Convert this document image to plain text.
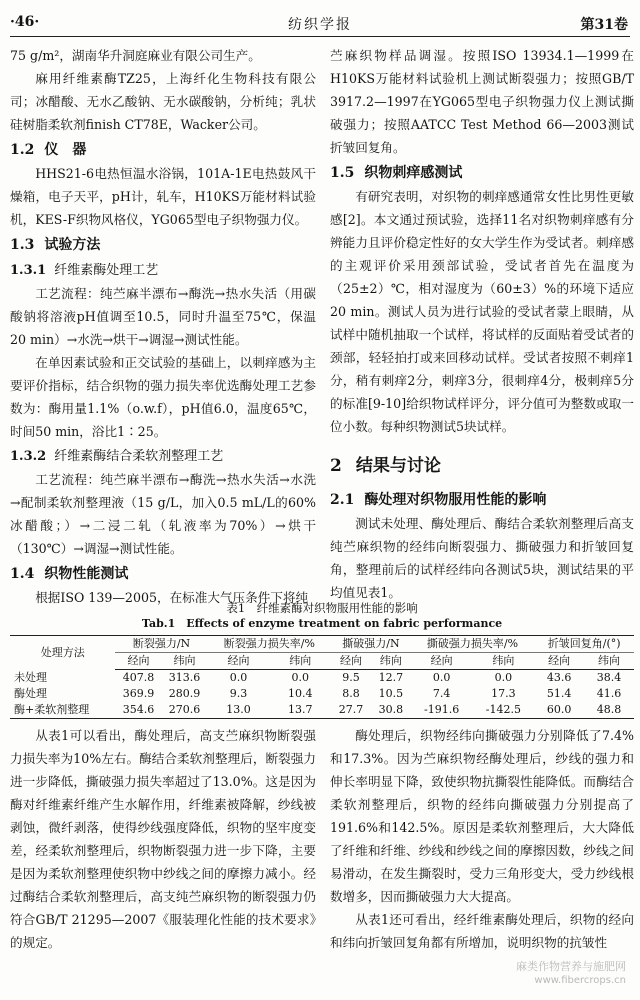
·46·	纺织学报	第31卷
75 g/m²，湖南华升洞庭麻业有限公司生产。
麻用纤维素酶TZ25，上海纤化生物科技有限公司；冰醋酸、无水乙酸钠、无水碳酸钠，分析纯；乳状硅树脂柔软剂finish CT78E，Wacker公司。
1.2 仪　器
HHS21-6电热恒温水浴锅，101A-1E电热鼓风干燥箱，电子天平，pH计，轧车，H10KS万能材料试验机，KES-F织物风格仪，YG065型电子织物强力仪。
1.3 试验方法
1.3.1 纤维素酶处理工艺
工艺流程：纯苎麻半漂布→酶洗→热水失活（用碳酸钠将溶液pH值调至10.5，同时升温至75℃，保温20 min）→水洗→烘干→调湿→测试性能。
在单因素试验和正交试验的基础上，以刺痒感为主要评价指标，结合织物的强力损失率优选酶处理工艺参数为：酶用量1.1%（o.w.f），pH值6.0，温度65℃，时间50 min，浴比1∶25。
1.3.2 纤维素酶结合柔软剂整理工艺
工艺流程：纯苎麻半漂布→酶洗→热水失活→水洗→配制柔软剂整理液（15 g/L，加入0.5 mL/L的60%冰醋酸；）→二浸二轧（轧液率为70%）→烘干（130℃）→调湿→测试性能。
1.4 织物性能测试
根据ISO 139—2005，在标准大气压条件下将纯
苎麻织物样品调湿。按照ISO 13934.1—1999在H10KS万能材料试验机上测试断裂强力；按照GB/T 3917.2—1997在YG065型电子织物强力仪上测试撕破强力；按照AATCC Test Method 66—2003测试折皱回复角。
1.5 织物刺痒感测试
有研究表明，对织物的刺痒感通常女性比男性更敏感[2]。本文通过预试验，选择11名对织物刺痒感有分辨能力且评价稳定性好的女大学生作为受试者。刺痒感的主观评价采用颈部试验，受试者首先在温度为（25±2）℃，相对湿度为（60±3）%的环境下适应20 min。测试人员为进行试验的受试者蒙上眼睛，从试样中随机抽取一个试样，将试样的反面贴着受试者的颈部，轻轻拍打或来回移动试样。受试者按照不刺痒1分，稍有刺痒2分，刺痒3分，很刺痒4分，极刺痒5分的标准[9-10]给织物试样评分，评分值可为整数或取一位小数。每种织物测试5块试样。
2 结果与讨论
2.1 酶处理对织物服用性能的影响
测试未处理、酶处理后、酶结合柔软剂整理后高支纯苎麻织物的经纬向断裂强力、撕破强力和折皱回复角，整理前后的试样经纬向各测试5块，测试结果的平均值见表1。
表1　纤维素酶对织物服用性能的影响
Tab.1　Effects of enzyme treatment on fabric performance
处理方法	断裂强力/N		断裂强力损失率/%		撕破强力/N		撕破强力损失率/%		折皱回复角/(°)	
	经向	纬向	经向	纬向	经向	纬向	经向	纬向	经向	纬向
未处理	407.8	313.6	0.0	0.0	9.5	12.7	0.0	0.0	43.6	38.4
酶处理	369.9	280.9	9.3	10.4	8.8	10.5	7.4	17.3	51.4	41.6
酶+柔软剂整理	354.6	270.6	13.0	13.7	27.7	30.8	-191.6	-142.5	60.0	48.8
从表1可以看出，酶处理后，高支苎麻织物断裂强力损失率为10%左右。酶结合柔软剂整理后，断裂强力进一步降低，撕破强力损失率超过了13.0%。这是因为酶对纤维素纤维产生水解作用，纤维素被降解，纱线被剥蚀，微纤剥落，使得纱线强度降低，织物的坚牢度变差，经柔软剂整理后，织物断裂强力进一步下降，主要是因为柔软剂整理使织物中纱线之间的摩擦力减小。经过酶结合柔软剂整理后，高支纯苎麻织物的断裂强力仍符合GB/T 21295—2007《服装理化性能的技术要求》的规定。
酶处理后，织物经纬向撕破强力分别降低了7.4%和17.3%。因为苎麻织物经酶处理后，纱线的强力和伸长率明显下降，致使织物抗撕裂性能降低。而酶结合柔软剂整理后，织物的经纬向撕破强力分别提高了191.6%和142.5%。原因是柔软剂整理后，大大降低了纤维和纤维、纱线和纱线之间的摩擦因数，纱线之间易滑动，在发生撕裂时，受力三角形变大，受力纱线根数增多，因而撕破强力大大提高。
从表1还可看出，经纤维素酶处理后，织物的经向和纬向折皱回复角都有所增加，说明织物的抗皱性
麻类作物营养与施肥网
www.fibercrops.cn
